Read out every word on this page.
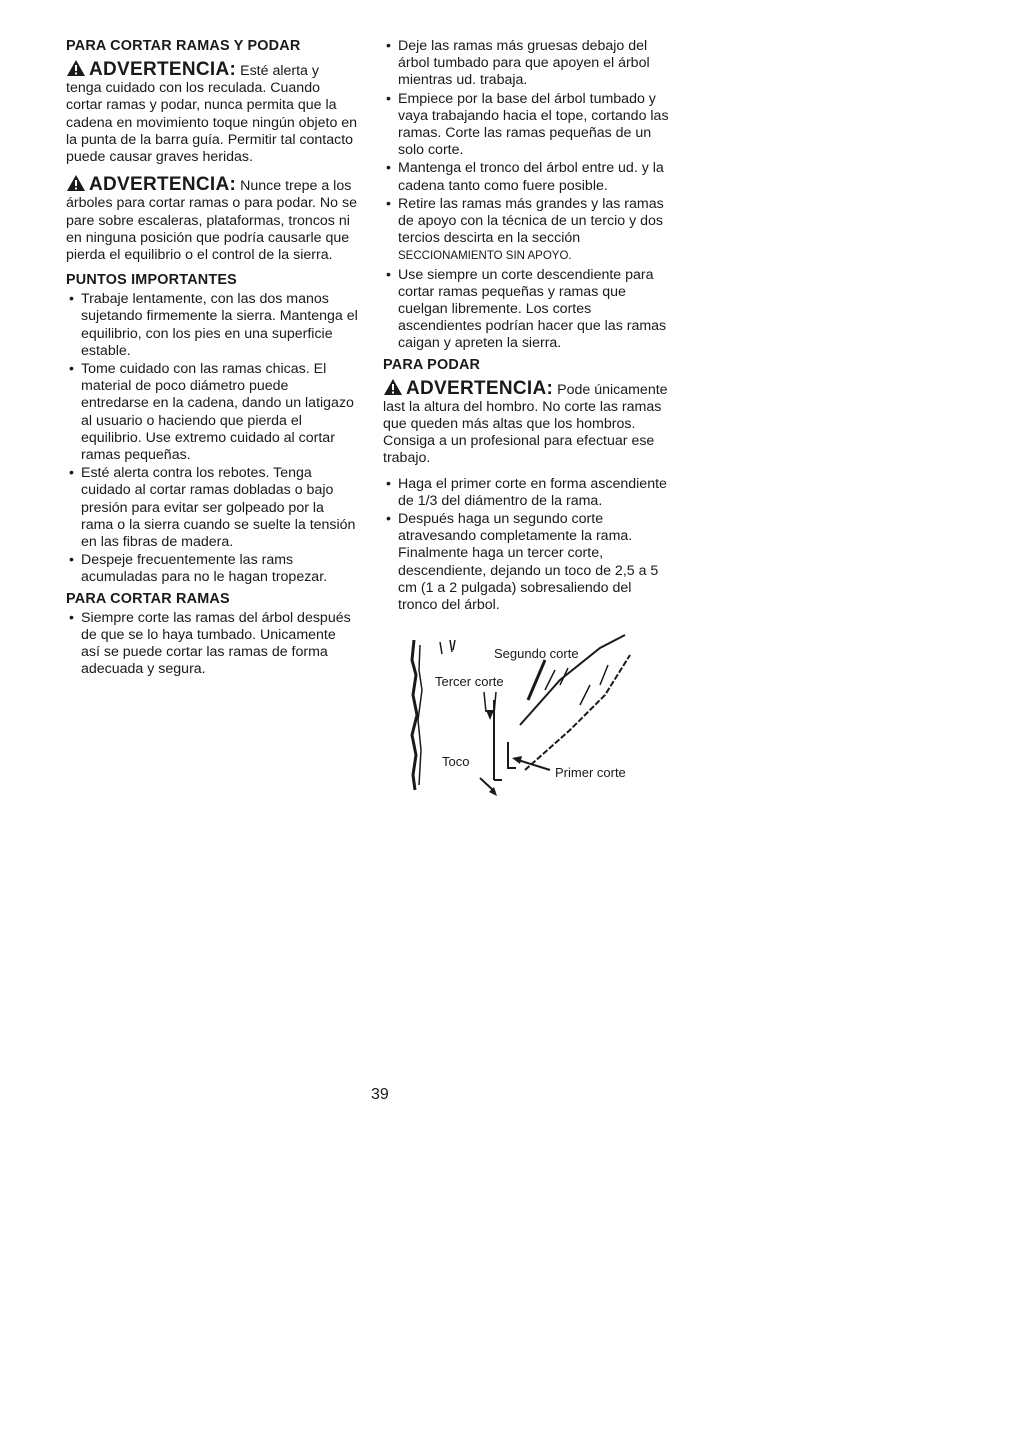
PARA CORTAR RAMAS Y PODAR

ADVERTENCIA: Esté alerta y tenga cuidado con los reculada. Cuando cortar ramas y podar, nunca permita que la cadena en movimiento toque ningún objeto en la punta de la barra guía. Permitir tal contacto puede causar graves heridas.

ADVERTENCIA: Nunce trepe a los árboles para cortar ramas o para podar. No se pare sobre escaleras, plataformas, troncos ni en ninguna posición que podría causarle que pierda el equilibrio o el control de la sierra.

PUNTOS IMPORTANTES
• Trabaje lentamente, con las dos manos sujetando firmemente la sierra. Mantenga el equilibrio, con los pies en una superficie estable.
• Tome cuidado con las ramas chicas. El material de poco diámetro puede entredarse en la cadena, dando un latigazo al usuario o haciendo que pierda el equilibrio. Use extremo cuidado al cortar ramas pequeñas.
• Esté alerta contra los rebotes. Tenga cuidado al cortar ramas dobladas o bajo presión para evitar ser golpeado por la rama o la sierra cuando se suelte la tensión en las fibras de madera.
• Despeje frecuentemente las rams acumuladas para no le hagan tropezar.
PARA CORTAR RAMAS
• Siempre corte las ramas del árbol después de que se lo haya tumbado. Unicamente así se puede cortar las ramas de forma adecuada y segura.
• Deje las ramas más gruesas debajo del árbol tumbado para que apoyen el árbol mientras ud. trabaja.
• Empiece por la base del árbol tumbado y vaya trabajando hacia el tope, cortando las ramas. Corte las ramas pequeñas de un solo corte.
• Mantenga el tronco del árbol entre ud. y la cadena tanto como fuere posible.
• Retire las ramas más grandes y las ramas de apoyo con la técnica de un tercio y dos tercios descirta en la sección SECCIONAMIENTO SIN APOYO.
• Use siempre un corte descendiente para cortar ramas pequeñas y ramas que cuelgan libremente. Los cortes ascendientes podrían hacer que las ramas caigan y apreten la sierra.
PARA PODAR

ADVERTENCIA: Pode únicamente last la altura del hombro. No corte las ramas que queden más altas que los hombros. Consiga a un profesional para efectuar ese trabajo.

• Haga el primer corte en forma ascendiente de 1/3 del diámentro de la rama.
• Después haga un segundo corte atravesando completamente la rama. Finalmente haga un tercer corte, descendiente, dejando un toco de 2,5 a 5 cm (1 a 2 pulgada) sobresaliendo del tronco del árbol.
Segundo corte
Tercer corte
Toco
Primer corte
39
